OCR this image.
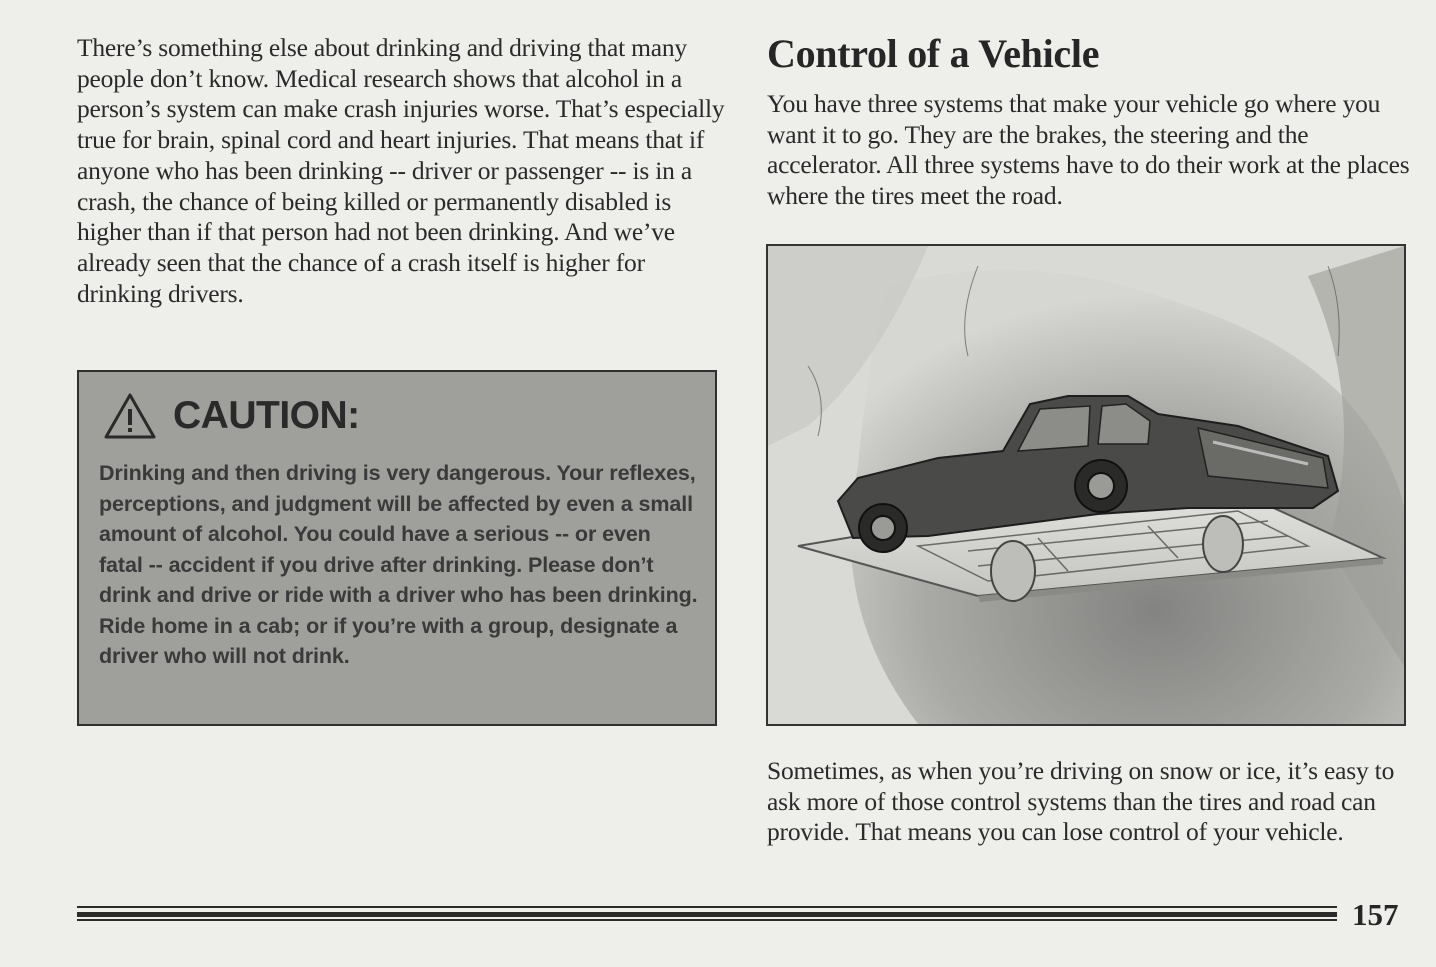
There’s something else about drinking and driving that many people don’t know. Medical research shows that alcohol in a person’s system can make crash injuries worse. That’s especially true for brain, spinal cord and heart injuries. That means that if anyone who has been drinking -- driver or passenger -- is in a crash, the chance of being killed or permanently disabled is higher than if that person had not been drinking. And we’ve already seen that the chance of a crash itself is higher for drinking drivers.

CAUTION:

Drinking and then driving is very dangerous. Your reflexes, perceptions, and judgment will be affected by even a small amount of alcohol. You could have a serious -- or even fatal -- accident if you drive after drinking. Please don’t drink and drive or ride with a driver who has been drinking. Ride home in a cab; or if you’re with a group, designate a driver who will not drink.

Control of a Vehicle

You have three systems that make your vehicle go where you want it to go. They are the brakes, the steering and the accelerator. All three systems have to do their work at the places where the tires meet the road.

Sometimes, as when you’re driving on snow or ice, it’s easy to ask more of those control systems than the tires and road can provide. That means you can lose control of your vehicle.

157
